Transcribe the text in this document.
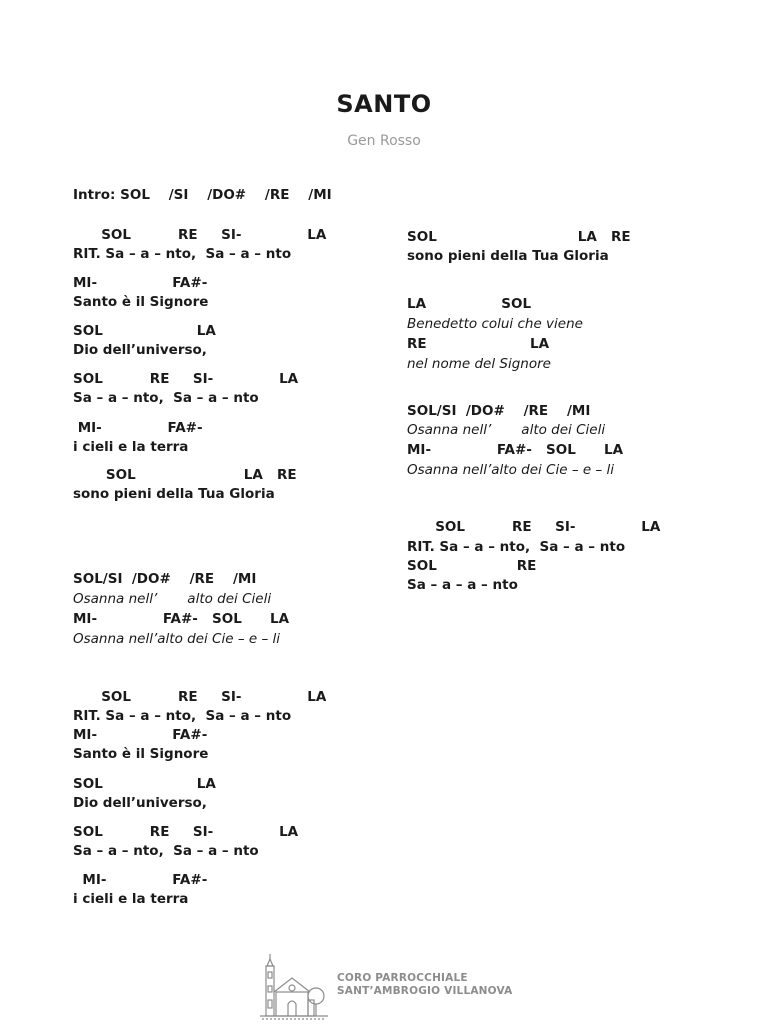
SANTO
Gen Rosso
Intro: SOL    /SI    /DO#    /RE    /MI
SOL          RE     SI-              LA
RIT. Sa – a – nto,  Sa – a – nto
MI-                FA#-
Santo è il Signore
SOL                    LA
Dio dell’universo,
SOL          RE     SI-              LA
Sa – a – nto,  Sa – a – nto
MI-              FA#-
i cieli e la terra
SOL                       LA   RE
sono pieni della Tua Gloria
SOL/SI  /DO#    /RE    /MI
Osanna nell’       alto dei Cieli
MI-              FA#-   SOL      LA
Osanna nell’alto dei Cie – e – li
SOL          RE     SI-              LA
RIT. Sa – a – nto,  Sa – a – nto
MI-                FA#-
Santo è il Signore
SOL                    LA
Dio dell’universo,
SOL          RE     SI-              LA
Sa – a – nto,  Sa – a – nto
MI-              FA#-
i cieli e la terra
SOL                              LA   RE
sono pieni della Tua Gloria
LA                SOL
Benedetto colui che viene
RE                      LA
nel nome del Signore
SOL/SI  /DO#    /RE    /MI
Osanna nell’       alto dei Cieli
MI-              FA#-   SOL      LA
Osanna nell’alto dei Cie – e – li
SOL          RE     SI-              LA
RIT. Sa – a – nto,  Sa – a – nto
SOL                 RE
Sa – a – a – nto
CORO PARROCCHIALE
SANT’AMBROGIO VILLANOVA
